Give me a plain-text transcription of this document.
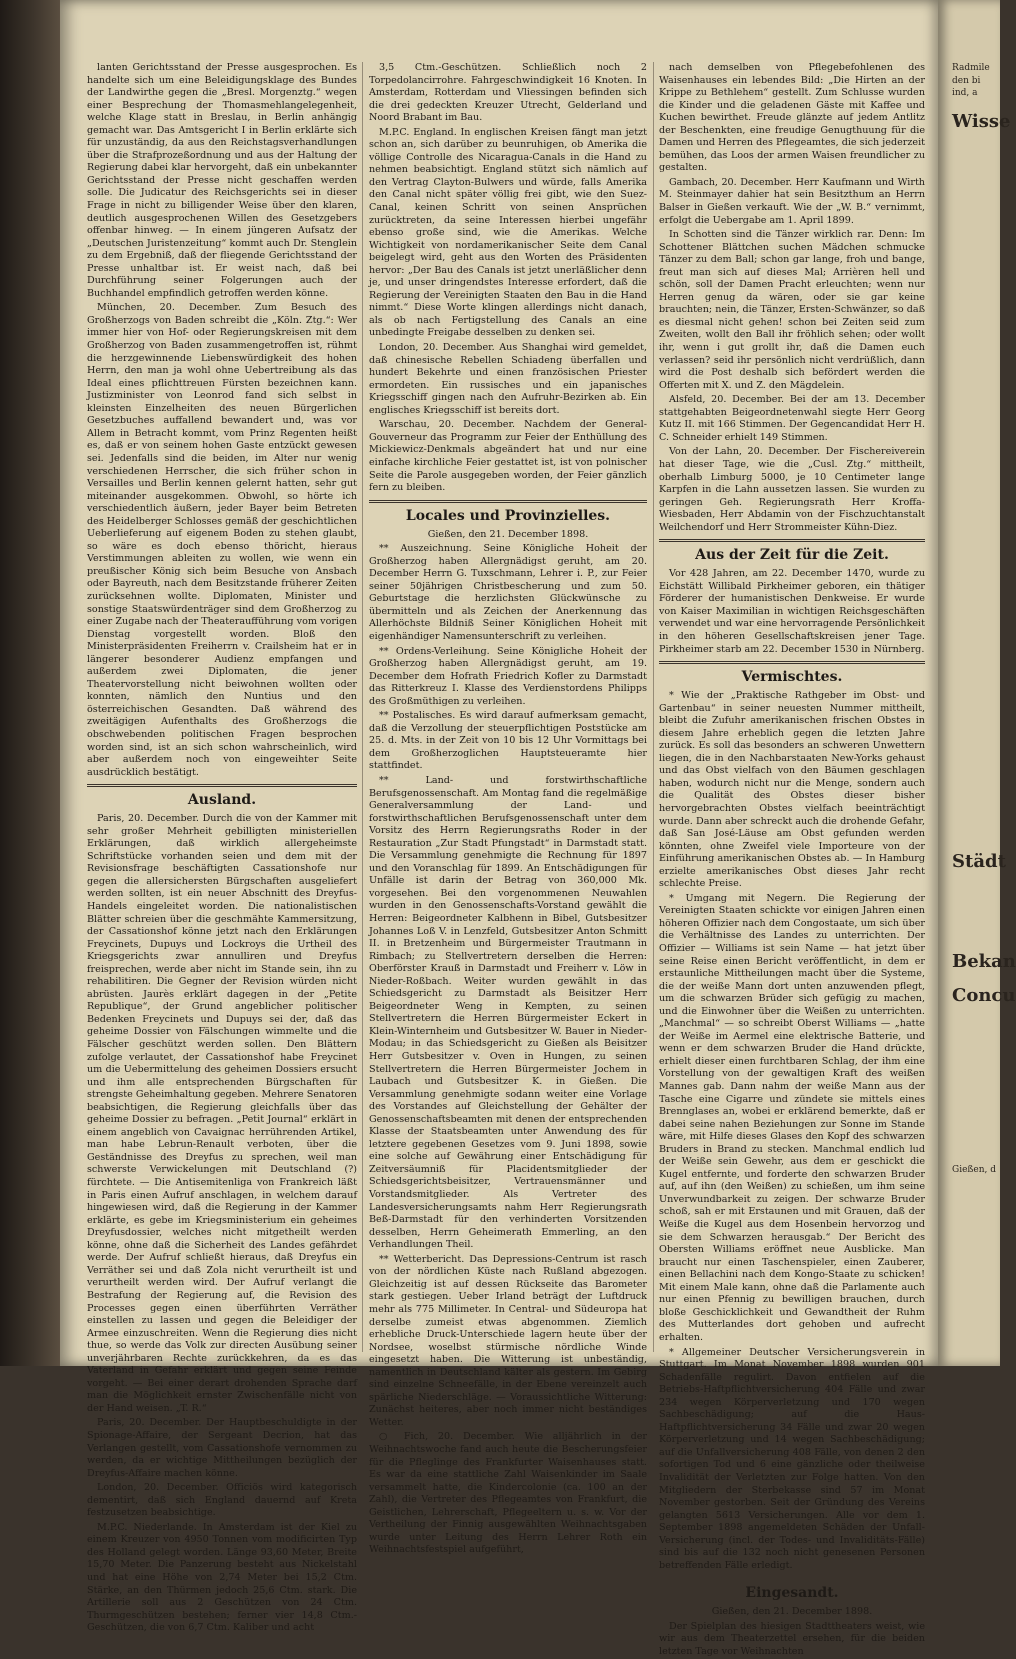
lanten Gerichtsstand der Presse ausgesprochen. Es handelte sich um eine Beleidigungsklage des Bundes der Landwirthe gegen die „Bresl. Morgenztg.“ wegen einer Besprechung der Thomasmehlangelegenheit, welche Klage statt in Breslau, in Berlin anhängig gemacht war. Das Amtsgericht I in Berlin erklärte sich für unzuständig, da aus den Reichstagsverhandlungen über die Strafprozeßordnung und aus der Haltung der Regierung dabei klar hervorgeht, daß ein unbekannter Gerichtsstand der Presse nicht geschaffen werden solle. Die Judicatur des Reichsgerichts sei in dieser Frage in nicht zu billigender Weise über den klaren, deutlich ausgesprochenen Willen des Gesetzgebers offenbar hinweg. — In einem jüngeren Aufsatz der „Deutschen Juristenzeitung“ kommt auch Dr. Stenglein zu dem Ergebniß, daß der fliegende Gerichtsstand der Presse unhaltbar ist. Er weist nach, daß bei Durchführung seiner Folgerungen auch der Buchhandel empfindlich getroffen werden könne.

München, 20. December. Zum Besuch des Großherzogs von Baden schreibt die „Köln. Ztg.“: Wer immer hier von Hof- oder Regierungskreisen mit dem Großherzog von Baden zusammengetroffen ist, rühmt die herzgewinnende Liebenswürdigkeit des hohen Herrn, den man ja wohl ohne Uebertreibung als das Ideal eines pflichttreuen Fürsten bezeichnen kann. Justizminister von Leonrod fand sich selbst in kleinsten Einzelheiten des neuen Bürgerlichen Gesetzbuches auffallend bewandert und, was vor Allem in Betracht kommt, vom Prinz Regenten heißt es, daß er von seinem hohen Gaste entzückt gewesen sei. Jedenfalls sind die beiden, im Alter nur wenig verschiedenen Herrscher, die sich früher schon in Versailles und Berlin kennen gelernt hatten, sehr gut miteinander ausgekommen. Obwohl, so hörte ich verschiedentlich äußern, jeder Bayer beim Betreten des Heidelberger Schlosses gemäß der geschichtlichen Ueberlieferung auf eigenem Boden zu stehen glaubt, so wäre es doch ebenso thöricht, hieraus Verstimmungen ableiten zu wollen, wie wenn ein preußischer König sich beim Besuche von Ansbach oder Bayreuth, nach dem Besitzstande früherer Zeiten zurücksehnen wollte. Diplomaten, Minister und sonstige Staatswürdenträger sind dem Großherzog zu einer Zugabe nach der Theateraufführung vom vorigen Dienstag vorgestellt worden. Bloß den Ministerpräsidenten Freiherrn v. Crailsheim hat er in längerer besonderer Audienz empfangen und außerdem zwei Diplomaten, die jener Theatervorstellung nicht beiwohnen wollten oder konnten, nämlich den Nuntius und den österreichischen Gesandten. Daß während des zweitägigen Aufenthalts des Großherzogs die obschwebenden politischen Fragen besprochen worden sind, ist an sich schon wahrscheinlich, wird aber außerdem noch von eingeweihter Seite ausdrücklich bestätigt.

Ausland.

Paris, 20. December. Durch die von der Kammer mit sehr großer Mehrheit gebilligten ministeriellen Erklärungen, daß wirklich allergeheimste Schriftstücke vorhanden seien und dem mit der Revisionsfrage beschäftigten Cassationshofe nur gegen die allersichersten Bürgschaften ausgeliefert werden sollten, ist ein neuer Abschnitt des Dreyfus-Handels eingeleitet worden. Die nationalistischen Blätter schreien über die geschmähte Kammersitzung, der Cassationshof könne jetzt nach den Erklärungen Freycinets, Dupuys und Lockroys die Urtheil des Kriegsgerichts zwar annulliren und Dreyfus freisprechen, werde aber nicht im Stande sein, ihn zu rehabilitiren. Die Gegner der Revision würden nicht abrüsten. Jaurès erklärt dagegen in der „Petite Republique“, der Grund angeblicher politischer Bedenken Freycinets und Dupuys sei der, daß das geheime Dossier von Fälschungen wimmelte und die Fälscher geschützt werden sollen. Den Blättern zufolge verlautet, der Cassationshof habe Freycinet um die Uebermittelung des geheimen Dossiers ersucht und ihm alle entsprechenden Bürgschaften für strengste Geheimhaltung gegeben. Mehrere Senatoren beabsichtigen, die Regierung gleichfalls über das geheime Dossier zu befragen. „Petit Journal“ erklärt in einem angeblich von Cavaignac herrührenden Artikel, man habe Lebrun-Renault verboten, über die Geständnisse des Dreyfus zu sprechen, weil man schwerste Verwickelungen mit Deutschland (?) fürchtete. — Die Antisemitenliga von Frankreich läßt in Paris einen Aufruf anschlagen, in welchem darauf hingewiesen wird, daß die Regierung in der Kammer erklärte, es gebe im Kriegsministerium ein geheimes Dreyfusdossier, welches nicht mitgetheilt werden könne, ohne daß die Sicherheit des Landes gefährdet werde. Der Aufruf schließt hieraus, daß Dreyfus ein Verräther sei und daß Zola nicht verurtheilt ist und verurtheilt werden wird. Der Aufruf verlangt die Bestrafung der Regierung auf, die Revision des Processes gegen einen überführten Verräther einstellen zu lassen und gegen die Beleidiger der Armee einzuschreiten. Wenn die Regierung dies nicht thue, so werde das Volk zur directen Ausübung seiner unverjährbaren Rechte zurückkehren, da es das Vaterland in Gefahr erklärt und gegen seine Feinde vorgeht. — Bei einer derart drohenden Sprache darf man die Möglichkeit ernster Zwischenfälle nicht von der Hand weisen. „T. R.“

Paris, 20. December. Der Hauptbeschuldigte in der Spionage-Affaire, der Sergeant Decrion, hat das Verlangen gestellt, vom Cassationshofe vernommen zu werden, da er wichtige Mittheilungen bezüglich der Dreyfus-Affaire machen könne.

London, 20. December. Officiös wird kategorisch dementirt, daß sich England dauernd auf Kreta festzusetzen beabsichtige.

M.P.C. Niederlande. In Amsterdam ist der Kiel zu einem Kreuzer von 4950 Tonnen vom modificirten Typ des Holland gelegt worden. Länge 93,60 Meter, Breite 15,70 Meter. Die Panzerung besteht aus Nickelstahl und hat eine Höhe von 2,74 Meter bei 15,2 Ctm. Stärke, an den Thürmen jedoch 25,6 Ctm. stark. Die Artillerie soll aus 2 Geschützen von 24 Ctm. Thurmgeschützen bestehen; ferner vier 14,8 Ctm.-Geschützen, die von 6,7 Ctm. Kaliber und acht

3,5 Ctm.-Geschützen. Schließlich noch 2 Torpedolancirrohre. Fahrgeschwindigkeit 16 Knoten. In Amsterdam, Rotterdam und Vliessingen befinden sich die drei gedeckten Kreuzer Utrecht, Gelderland und Noord Brabant im Bau.

M.P.C. England. In englischen Kreisen fängt man jetzt schon an, sich darüber zu beunruhigen, ob Amerika die völlige Controlle des Nicaragua-Canals in die Hand zu nehmen beabsichtigt. England stützt sich nämlich auf den Vertrag Clayton-Bulwers und würde, falls Amerika den Canal nicht später völlig frei gibt, wie den Suez-Canal, keinen Schritt von seinen Ansprüchen zurücktreten, da seine Interessen hierbei ungefähr ebenso große sind, wie die Amerikas. Welche Wichtigkeit von nordamerikanischer Seite dem Canal beigelegt wird, geht aus den Worten des Präsidenten hervor: „Der Bau des Canals ist jetzt unerläßlicher denn je, und unser dringendstes Interesse erfordert, daß die Regierung der Vereinigten Staaten den Bau in die Hand nimmt.“ Diese Worte klingen allerdings nicht danach, als ob nach Fertigstellung des Canals an eine unbedingte Freigabe desselben zu denken sei.

London, 20. December. Aus Shanghai wird gemeldet, daß chinesische Rebellen Schiadeng überfallen und hundert Bekehrte und einen französischen Priester ermordeten. Ein russisches und ein japanisches Kriegsschiff gingen nach den Aufruhr-Bezirken ab. Ein englisches Kriegsschiff ist bereits dort.

Warschau, 20. December. Nachdem der General-Gouverneur das Programm zur Feier der Enthüllung des Mickiewicz-Denkmals abgeändert hat und nur eine einfache kirchliche Feier gestattet ist, ist von polnischer Seite die Parole ausgegeben worden, der Feier gänzlich fern zu bleiben.

Locales und Provinzielles.

Gießen, den 21. December 1898.

** Auszeichnung. Seine Königliche Hoheit der Großherzog haben Allergnädigst geruht, am 20. December Herrn G. Tuxschmann, Lehrer i. P., zur Feier seiner 50jährigen Christbescherung und zum 50. Geburtstage die herzlichsten Glückwünsche zu übermitteln und als Zeichen der Anerkennung das Allerhöchste Bildniß Seiner Königlichen Hoheit mit eigenhändiger Namensunterschrift zu verleihen.

** Ordens-Verleihung. Seine Königliche Hoheit der Großherzog haben Allergnädigst geruht, am 19. December dem Hofrath Friedrich Kofler zu Darmstadt das Ritterkreuz I. Klasse des Verdienstordens Philipps des Großmüthigen zu verleihen.

** Postalisches. Es wird darauf aufmerksam gemacht, daß die Verzollung der steuerpflichtigen Poststücke am 25. d. Mts. in der Zeit von 10 bis 12 Uhr Vormittags bei dem Großherzoglichen Hauptsteueramte hier stattfindet.

** Land- und forstwirthschaftliche Berufsgenossenschaft. Am Montag fand die regelmäßige Generalversammlung der Land- und forstwirthschaftlichen Berufsgenossenschaft unter dem Vorsitz des Herrn Regierungsraths Roder in der Restauration „Zur Stadt Pfungstadt“ in Darmstadt statt. Die Versammlung genehmigte die Rechnung für 1897 und den Voranschlag für 1899. An Entschädigungen für Unfälle ist darin der Betrag von 360,000 Mk. vorgesehen. Bei den vorgenommenen Neuwahlen wurden in den Genossenschafts-Vorstand gewählt die Herren: Beigeordneter Kalbhenn in Bibel, Gutsbesitzer Johannes Loß V. in Lenzfeld, Gutsbesitzer Anton Schmitt II. in Bretzenheim und Bürgermeister Trautmann in Rimbach; zu Stellvertretern derselben die Herren: Oberförster Krauß in Darmstadt und Freiherr v. Löw in Nieder-Roßbach. Weiter wurden gewählt in das Schiedsgericht zu Darmstadt als Beisitzer Herr Beigeordneter Weng in Kempten, zu seinen Stellvertretern die Herren Bürgermeister Eckert in Klein-Winternheim und Gutsbesitzer W. Bauer in Nieder-Modau; in das Schiedsgericht zu Gießen als Beisitzer Herr Gutsbesitzer v. Oven in Hungen, zu seinen Stellvertretern die Herren Bürgermeister Jochem in Laubach und Gutsbesitzer K. in Gießen. Die Versammlung genehmigte sodann weiter eine Vorlage des Vorstandes auf Gleichstellung der Gehälter der Genossenschaftsbeamten mit denen der entsprechenden Klasse der Staatsbeamten unter Anwendung des für letztere gegebenen Gesetzes vom 9. Juni 1898, sowie eine solche auf Gewährung einer Entschädigung für Zeitversäumniß für Placidentsmitglieder der Schiedsgerichtsbeisitzer, Vertrauensmänner und Vorstandsmitglieder. Als Vertreter des Landesversicherungsamts nahm Herr Regierungsrath Beß-Darmstadt für den verhinderten Vorsitzenden desselben, Herrn Geheimerath Emmerling, an den Verhandlungen Theil.

** Wetterbericht. Das Depressions-Centrum ist rasch von der nördlichen Küste nach Rußland abgezogen. Gleichzeitig ist auf dessen Rückseite das Barometer stark gestiegen. Ueber Irland beträgt der Luftdruck mehr als 775 Millimeter. In Central- und Südeuropa hat derselbe zumeist etwas abgenommen. Ziemlich erhebliche Druck-Unterschiede lagern heute über der Nordsee, woselbst stürmische nördliche Winde eingesetzt haben. Die Witterung ist unbeständig, namentlich in Deutschland kälter als gestern. Im Gebirg sind einzelne Schneefälle, in der Ebene vereinzelt auch spärliche Niederschläge. — Voraussichtliche Witterung: Zunächst heiteres, aber noch immer nicht beständiges Wetter.

○ Fich, 20. December. Wie alljährlich in der Weihnachtswoche fand auch heute die Bescherungsfeier für die Pfleglinge des Frankfurter Waisenhauses statt. Es war da eine stattliche Zahl Waisenkinder im Saale versammelt hatte, die Kindercolonie (ca. 100 an der Zahl), die Vertreter des Pflegeamtes von Frankfurt, die Geistlichen, Lehrerschaft, Pflegeeltern u. s. w. Vor der Vertheilung der Finnig ausgewählten Weihnachtsgaben wurde unter Leitung des Herrn Lehrer Roth ein Weihnachtsfestspiel aufgeführt,

nach demselben von Pflegebefohlenen des Waisenhauses ein lebendes Bild: „Die Hirten an der Krippe zu Bethlehem“ gestellt. Zum Schlusse wurden die Kinder und die geladenen Gäste mit Kaffee und Kuchen bewirthet. Freude glänzte auf jedem Antlitz der Beschenkten, eine freudige Genugthuung für die Damen und Herren des Pflegeamtes, die sich jederzeit bemühen, das Loos der armen Waisen freundlicher zu gestalten.

Gambach, 20. December. Herr Kaufmann und Wirth M. Steinmayer dahier hat sein Besitzthum an Herrn Balser in Gießen verkauft. Wie der „W. B.“ vernimmt, erfolgt die Uebergabe am 1. April 1899.

In Schotten sind die Tänzer wirklich rar. Denn: Im Schottener Blättchen suchen Mädchen schmucke Tänzer zu dem Ball; schon gar lange, froh und bange, freut man sich auf dieses Mal; Arrièren hell und schön, soll der Damen Pracht erleuchten; wenn nur Herren genug da wären, oder sie gar keine brauchten; nein, die Tänzer, Ersten-Schwänzer, so daß es diesmal nicht gehen! schon bei Zeiten seid zum Zweiten, wollt den Ball ihr fröhlich sehen; oder wollt ihr, wenn i gut grollt ihr, daß die Damen euch verlassen? seid ihr persönlich nicht verdrüßlich, dann wird die Post deshalb sich befördert werden die Offerten mit X. und Z. den Mägdelein.

Alsfeld, 20. December. Bei der am 13. December stattgehabten Beigeordnetenwahl siegte Herr Georg Kutz II. mit 166 Stimmen. Der Gegencandidat Herr H. C. Schneider erhielt 149 Stimmen.

Von der Lahn, 20. December. Der Fischereiverein hat dieser Tage, wie die „Cusl. Ztg.“ mittheilt, oberhalb Limburg 5000, je 10 Centimeter lange Karpfen in die Lahn aussetzen lassen. Sie wurden zu geringen Geh. Regierungsrath Herr Kroffa-Wiesbaden, Herr Abdamin von der Fischzuchtanstalt Weilchendorf und Herr Strommeister Kühn-Diez.

Aus der Zeit für die Zeit.

Vor 428 Jahren, am 22. December 1470, wurde zu Eichstätt Willibald Pirkheimer geboren, ein thätiger Förderer der humanistischen Denkweise. Er wurde von Kaiser Maximilian in wichtigen Reichsgeschäften verwendet und war eine hervorragende Persönlichkeit in den höheren Gesellschaftskreisen jener Tage. Pirkheimer starb am 22. December 1530 in Nürnberg.

Vermischtes.

* Wie der „Praktische Rathgeber im Obst- und Gartenbau“ in seiner neuesten Nummer mittheilt, bleibt die Zufuhr amerikanischen frischen Obstes in diesem Jahre erheblich gegen die letzten Jahre zurück. Es soll das besonders an schweren Unwettern liegen, die in den Nachbarstaaten New-Yorks gehaust und das Obst vielfach von den Bäumen geschlagen haben, wodurch nicht nur die Menge, sondern auch die Qualität des Obstes dieser bisher hervorgebrachten Obstes vielfach beeinträchtigt wurde. Dann aber schreckt auch die drohende Gefahr, daß San José-Läuse am Obst gefunden werden könnten, ohne Zweifel viele Importeure von der Einführung amerikanischen Obstes ab. — In Hamburg erzielte amerikanisches Obst dieses Jahr recht schlechte Preise.

* Umgang mit Negern. Die Regierung der Vereinigten Staaten schickte vor einigen Jahren einen höheren Offizier nach dem Congostaate, um sich über die Verhältnisse des Landes zu unterrichten. Der Offizier — Williams ist sein Name — hat jetzt über seine Reise einen Bericht veröffentlicht, in dem er erstaunliche Mittheilungen macht über die Systeme, die der weiße Mann dort unten anzuwenden pflegt, um die schwarzen Brüder sich gefügig zu machen, und die Einwohner über die Weißen zu unterrichten. „Manchmal“ — so schreibt Oberst Williams — „hatte der Weiße im Aermel eine elektrische Batterie, und wenn er dem schwarzen Bruder die Hand drückte, erhielt dieser einen furchtbaren Schlag, der ihm eine Vorstellung von der gewaltigen Kraft des weißen Mannes gab. Dann nahm der weiße Mann aus der Tasche eine Cigarre und zündete sie mittels eines Brennglases an, wobei er erklärend bemerkte, daß er dabei seine nahen Beziehungen zur Sonne im Stande wäre, mit Hilfe dieses Glases den Kopf des schwarzen Bruders in Brand zu stecken. Manchmal endlich lud der Weiße sein Gewehr, aus dem er geschickt die Kugel entfernte, und forderte den schwarzen Bruder auf, auf ihn (den Weißen) zu schießen, um ihm seine Unverwundbarkeit zu zeigen. Der schwarze Bruder schoß, sah er mit Erstaunen und mit Grauen, daß der Weiße die Kugel aus dem Hosenbein hervorzog und sie dem Schwarzen herausgab.“ Der Bericht des Obersten Williams eröffnet neue Ausblicke. Man braucht nur einen Taschenspieler, einen Zauberer, einen Bellachini nach dem Kongo-Staate zu schicken! Mit einem Male kann, ohne daß die Parlamente auch nur einen Pfennig zu bewilligen brauchen, durch bloße Geschicklichkeit und Gewandtheit der Ruhm des Mutterlandes dort gehoben und aufrecht erhalten.

* Allgemeiner Deutscher Versicherungsverein in Stuttgart. Im Monat November 1898 wurden 901 Schadenfälle regulirt. Davon entfielen auf die Betriebs-Haftpflichtversicherung 404 Fälle und zwar 234 wegen Körperverletzung und 170 wegen Sachbeschädigung; auf die Haus-Haftpflichtversicherung 34 Fälle und zwar 20 wegen Körperverletzung und 14 wegen Sachbeschädigung; auf die Unfallversicherung 408 Fälle, von denen 2 den sofortigen Tod und 6 eine gänzliche oder theilweise Invalidität der Verletzten zur Folge hatten. Von den Mitgliedern der Sterbekasse sind 57 im Monat November gestorben. Seit der Gründung des Vereins gelangten 5613 Versicherungen. Alle vor dem 1. September 1898 angemeldeten Schäden der Unfall-Versicherung (incl. der Todes- und Invaliditäts-Fälle) sind bis auf die 132 noch nicht genesenen Personen betreffenden Fälle erledigt.

Eingesandt.

Gießen, den 21. December 1898.

Der Spielplan des hiesigen Stadttheaters weist, wie wir aus dem Theaterzettel ersehen, für die beiden letzten Tage vor Weihnachten

Radmile
den bi
ind, a
Wisse
Städt
Bekan
Concu
Gießen, d
